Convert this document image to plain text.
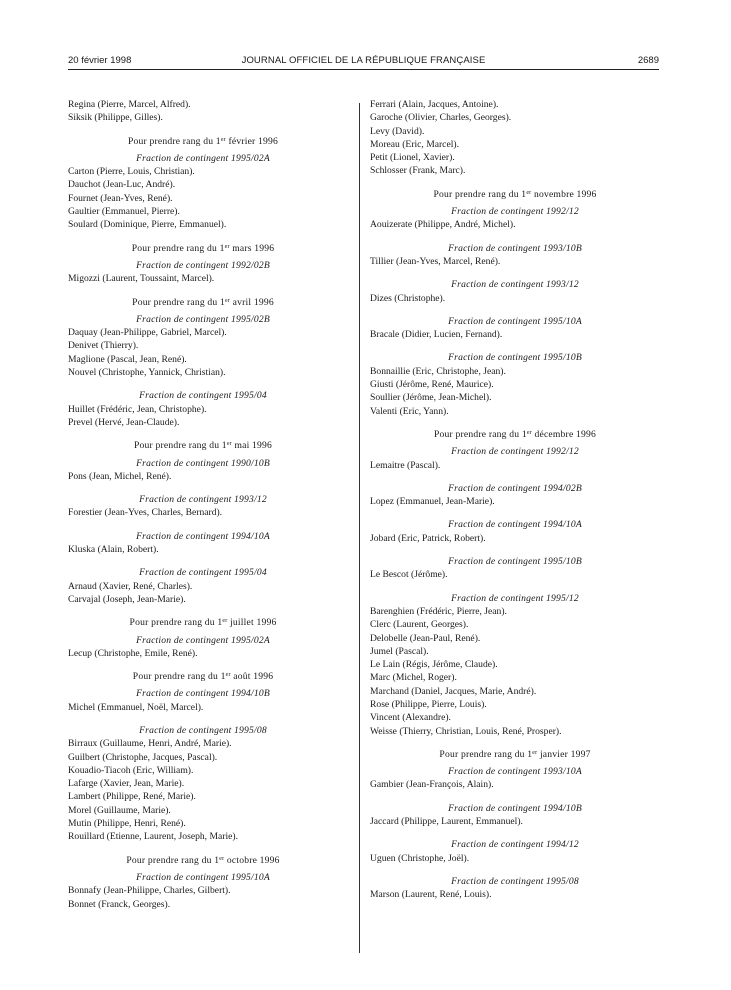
20 février 1998	JOURNAL OFFICIEL DE LA RÉPUBLIQUE FRANÇAISE	2689
Regina (Pierre, Marcel, Alfred).
Siksik (Philippe, Gilles).
Pour prendre rang du 1er février 1996
Fraction de contingent 1995/02A
Carton (Pierre, Louis, Christian).
Dauchot (Jean-Luc, André).
Fournet (Jean-Yves, René).
Gaultier (Emmanuel, Pierre).
Soulard (Dominique, Pierre, Emmanuel).
Pour prendre rang du 1er mars 1996
Fraction de contingent 1992/02B
Migozzi (Laurent, Toussaint, Marcel).
Pour prendre rang du 1er avril 1996
Fraction de contingent 1995/02B
Daquay (Jean-Philippe, Gabriel, Marcel).
Denivet (Thierry).
Maglione (Pascal, Jean, René).
Nouvel (Christophe, Yannick, Christian).
Fraction de contingent 1995/04
Huillet (Frédéric, Jean, Christophe).
Prevel (Hervé, Jean-Claude).
Pour prendre rang du 1er mai 1996
Fraction de contingent 1990/10B
Pons (Jean, Michel, René).
Fraction de contingent 1993/12
Forestier (Jean-Yves, Charles, Bernard).
Fraction de contingent 1994/10A
Kluska (Alain, Robert).
Fraction de contingent 1995/04
Arnaud (Xavier, René, Charles).
Carvajal (Joseph, Jean-Marie).
Pour prendre rang du 1er juillet 1996
Fraction de contingent 1995/02A
Lecup (Christophe, Emile, René).
Pour prendre rang du 1er août 1996
Fraction de contingent 1994/10B
Michel (Emmanuel, Noël, Marcel).
Fraction de contingent 1995/08
Birraux (Guillaume, Henri, André, Marie).
Guilbert (Christophe, Jacques, Pascal).
Kouadio-Tiacoh (Eric, William).
Lafarge (Xavier, Jean, Marie).
Lambert (Philippe, René, Marie).
Morel (Guillaume, Marie).
Mutin (Philippe, Henri, René).
Rouillard (Etienne, Laurent, Joseph, Marie).
Pour prendre rang du 1er octobre 1996
Fraction de contingent 1995/10A
Bonnafy (Jean-Philippe, Charles, Gilbert).
Bonnet (Franck, Georges).
Ferrari (Alain, Jacques, Antoine).
Garoche (Olivier, Charles, Georges).
Levy (David).
Moreau (Eric, Marcel).
Petit (Lionel, Xavier).
Schlosser (Frank, Marc).
Pour prendre rang du 1er novembre 1996
Fraction de contingent 1992/12
Aouizerate (Philippe, André, Michel).
Fraction de contingent 1993/10B
Tillier (Jean-Yves, Marcel, René).
Fraction de contingent 1993/12
Dizes (Christophe).
Fraction de contingent 1995/10A
Bracale (Didier, Lucien, Fernand).
Fraction de contingent 1995/10B
Bonnaillie (Eric, Christophe, Jean).
Giusti (Jérôme, René, Maurice).
Soullier (Jérôme, Jean-Michel).
Valenti (Eric, Yann).
Pour prendre rang du 1er décembre 1996
Fraction de contingent 1992/12
Lemaitre (Pascal).
Fraction de contingent 1994/02B
Lopez (Emmanuel, Jean-Marie).
Fraction de contingent 1994/10A
Jobard (Eric, Patrick, Robert).
Fraction de contingent 1995/10B
Le Bescot (Jérôme).
Fraction de contingent 1995/12
Barenghien (Frédéric, Pierre, Jean).
Clerc (Laurent, Georges).
Delobelle (Jean-Paul, René).
Jumel (Pascal).
Le Lain (Régis, Jérôme, Claude).
Marc (Michel, Roger).
Marchand (Daniel, Jacques, Marie, André).
Rose (Philippe, Pierre, Louis).
Vincent (Alexandre).
Weisse (Thierry, Christian, Louis, René, Prosper).
Pour prendre rang du 1er janvier 1997
Fraction de contingent 1993/10A
Gambier (Jean-François, Alain).
Fraction de contingent 1994/10B
Jaccard (Philippe, Laurent, Emmanuel).
Fraction de contingent 1994/12
Uguen (Christophe, Joël).
Fraction de contingent 1995/08
Marson (Laurent, René, Louis).
